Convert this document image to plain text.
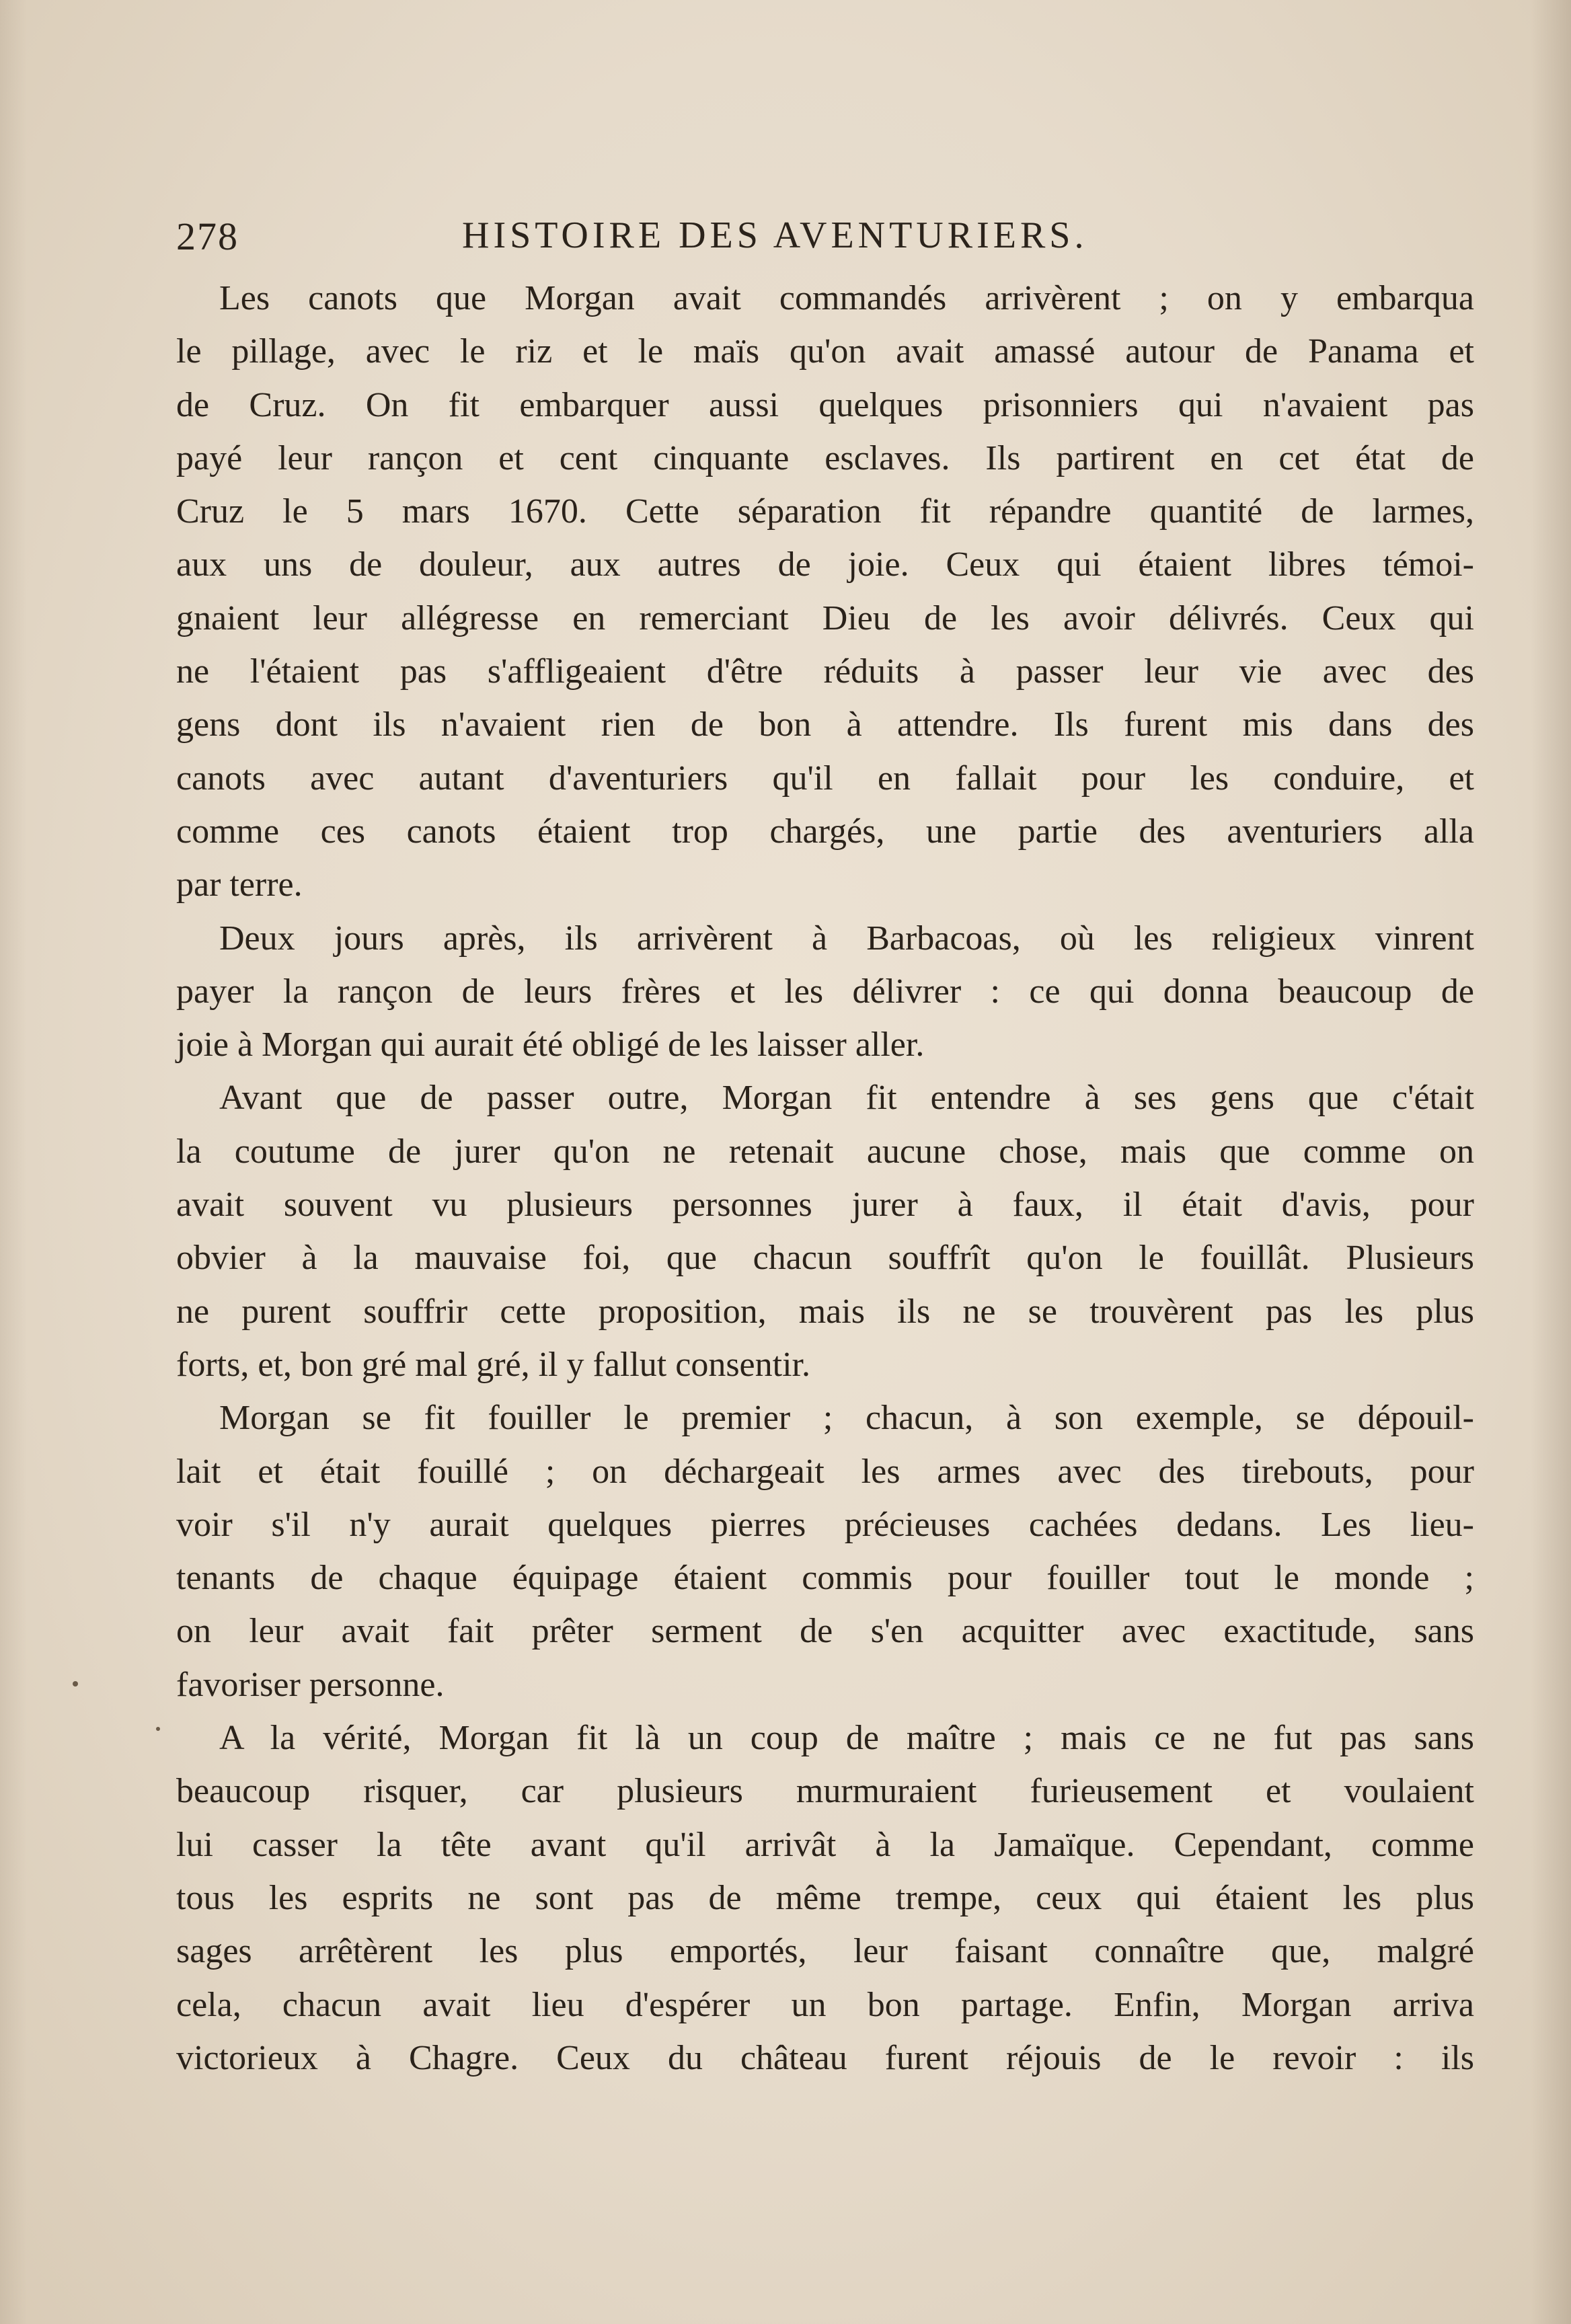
278	HISTOIRE DES AVENTURIERS.
Les canots que Morgan avait commandés arrivèrent ; on y embarqua
le pillage, avec le riz et le maïs qu'on avait amassé autour de Panama et
de Cruz. On fit embarquer aussi quelques prisonniers qui n'avaient pas
payé leur rançon et cent cinquante esclaves. Ils partirent en cet état de
Cruz le 5 mars 1670. Cette séparation fit répandre quantité de larmes,
aux uns de douleur, aux autres de joie. Ceux qui étaient libres témoi-
gnaient leur allégresse en remerciant Dieu de les avoir délivrés. Ceux qui
ne l'étaient pas s'affligeaient d'être réduits à passer leur vie avec des
gens dont ils n'avaient rien de bon à attendre. Ils furent mis dans des
canots avec autant d'aventuriers qu'il en fallait pour les conduire, et
comme ces canots étaient trop chargés, une partie des aventuriers alla
par terre.
Deux jours après, ils arrivèrent à Barbacoas, où les religieux vinrent
payer la rançon de leurs frères et les délivrer : ce qui donna beaucoup de
joie à Morgan qui aurait été obligé de les laisser aller.
Avant que de passer outre, Morgan fit entendre à ses gens que c'était
la coutume de jurer qu'on ne retenait aucune chose, mais que comme on
avait souvent vu plusieurs personnes jurer à faux, il était d'avis, pour
obvier à la mauvaise foi, que chacun souffrît qu'on le fouillât. Plusieurs
ne purent souffrir cette proposition, mais ils ne se trouvèrent pas les plus
forts, et, bon gré mal gré, il y fallut consentir.
Morgan se fit fouiller le premier ; chacun, à son exemple, se dépouil-
lait et était fouillé ; on déchargeait les armes avec des tirebouts, pour
voir s'il n'y aurait quelques pierres précieuses cachées dedans. Les lieu-
tenants de chaque équipage étaient commis pour fouiller tout le monde ;
on leur avait fait prêter serment de s'en acquitter avec exactitude, sans
favoriser personne.
A la vérité, Morgan fit là un coup de maître ; mais ce ne fut pas sans
beaucoup risquer, car plusieurs murmuraient furieusement et voulaient
lui casser la tête avant qu'il arrivât à la Jamaïque. Cependant, comme
tous les esprits ne sont pas de même trempe, ceux qui étaient les plus
sages arrêtèrent les plus emportés, leur faisant connaître que, malgré
cela, chacun avait lieu d'espérer un bon partage. Enfin, Morgan arriva
victorieux à Chagre. Ceux du château furent réjouis de le revoir : ils
